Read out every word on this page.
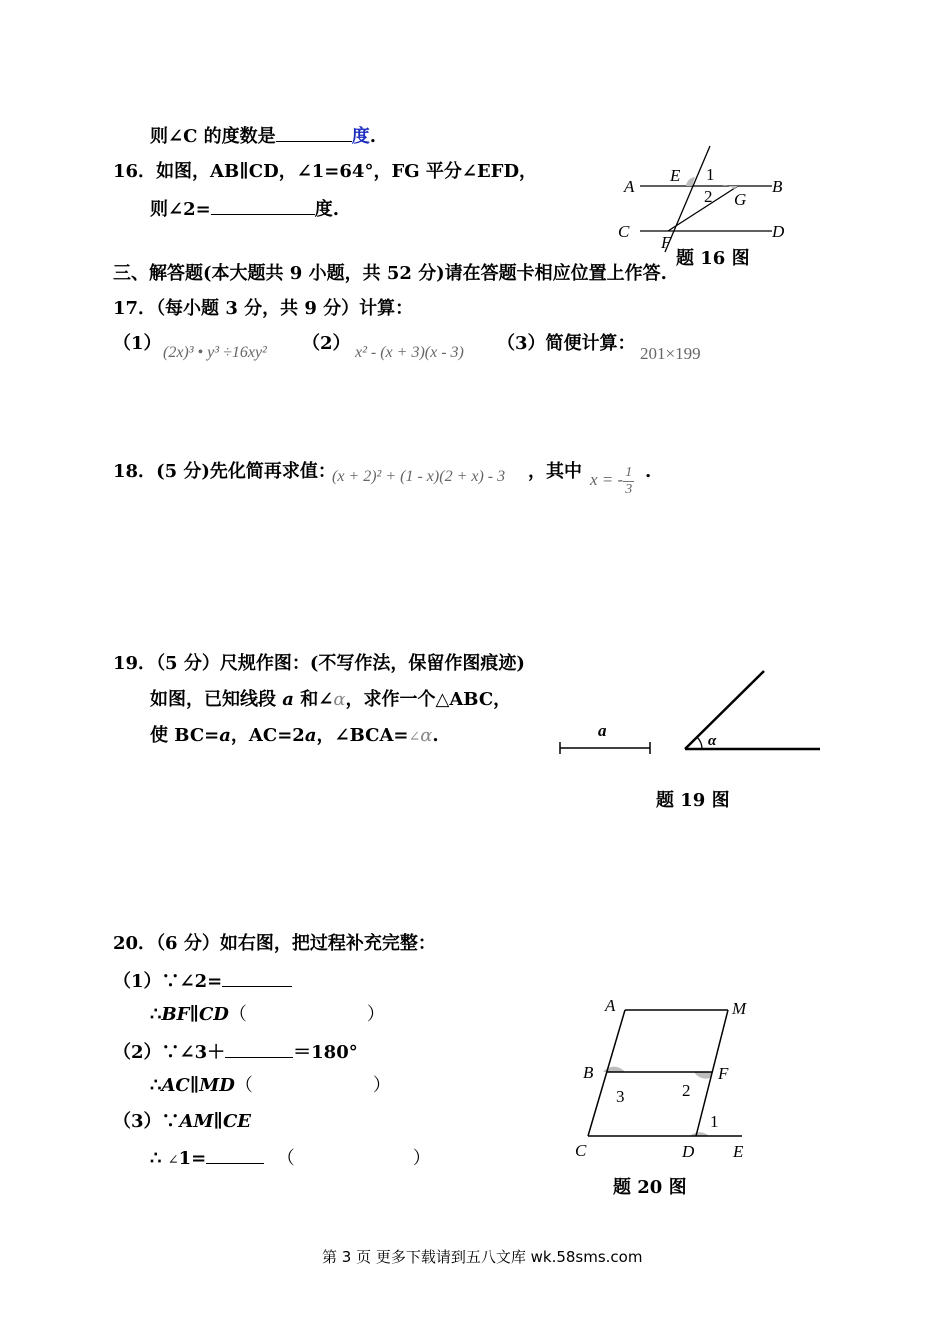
则∠C 的度数是	度.
16．如图，AB∥CD，∠1=64°，FG 平分∠EFD，
则∠2=	度.
A
E 1
B
2 G
C
F
D
题 16 图
三、解答题(本大题共 9 小题，共 52 分)请在答题卡相应位置上作答.
17．（每小题 3 分，共 9 分）计算：
（1） (2x)³ • y³ ÷16xy² （2） x² - (x + 3)(x - 3) （3）简便计算： 201×199
18．(5 分)先化简再求值：
(x + 2)² + (1 - x)(2 + x) - 3 ，其中 x = - $\frac{1}{3}$ .
19．（5 分）尺规作图：(不写作法，保留作图痕迹)
如图，已知线段 a 和∠α，求作一个△ABC，
使 BC=a，AC=2a，∠BCA=∠α.	a
α
题 19 图
20．（6 分）如右图，把过程补充完整：
（1）∵∠2=
∴BF∥CD（	）
（2）∵∠3＋	＝180°
∴AC∥MD（	）
（3）∵AM∥CE
∴ ∠1=	（	）
A	M
B	F
3	2
1
C	D E
题 20 图
第 3 页 更多下载请到五八文库 wk.58sms.com
